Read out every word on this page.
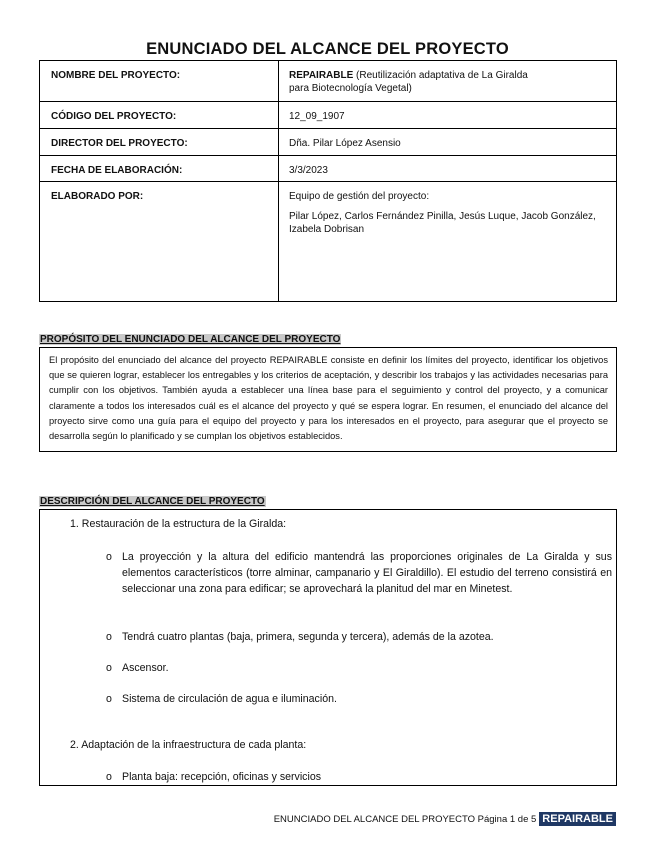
ENUNCIADO DEL ALCANCE DEL PROYECTO
NOMBRE DEL PROYECTO:	REPAIRABLE (Reutilización adaptativa de La Giralda

para Biotecnología Vegetal)

CÓDIGO DEL PROYECTO:	12_09_1907
DIRECTOR DEL PROYECTO:	Dña. Pilar López Asensio
FECHA DE ELABORACIÓN:	3/3/2023
ELABORADO POR:	Equipo de gestión del proyecto:

Pilar López, Carlos Fernández Pinilla, Jesús Luque, Jacob González, Izabela Dobrisan

PROPÓSITO DEL ENUNCIADO DEL ALCANCE DEL PROYECTO
El propósito del enunciado del alcance del proyecto REPAIRABLE consiste en definir los límites del proyecto, identificar los objetivos que se quieren lograr, establecer los entregables y los criterios de aceptación, y describir los trabajos y las actividades necesarias para cumplir con los objetivos. También ayuda a establecer una línea base para el seguimiento y control del proyecto, y a comunicar claramente a todos los interesados cuál es el alcance del proyecto y qué se espera lograr. En resumen, el enunciado del alcance del proyecto sirve como una guía para el equipo del proyecto y para los interesados en el proyecto, para asegurar que el proyecto se desarrolla según lo planificado y se cumplan los objetivos establecidos.
DESCRIPCIÓN DEL ALCANCE DEL PROYECTO
1. Restauración de la estructura de la Giralda:
o La proyección y la altura del edificio mantendrá las proporciones originales de La Giralda y sus elementos característicos (torre alminar, campanario y El Giraldillo). El estudio del terreno consistirá en seleccionar una zona para edificar; se aprovechará la planitud del mar en Minetest.
o Tendrá cuatro plantas (baja, primera, segunda y tercera), además de la azotea.
o Ascensor.
o Sistema de circulación de agua e iluminación.
2. Adaptación de la infraestructura de cada planta:
o Planta baja: recepción, oficinas y servicios
ENUNCIADO DEL ALCANCE DEL PROYECTO Página 1 de 5 REPAIRABLE
